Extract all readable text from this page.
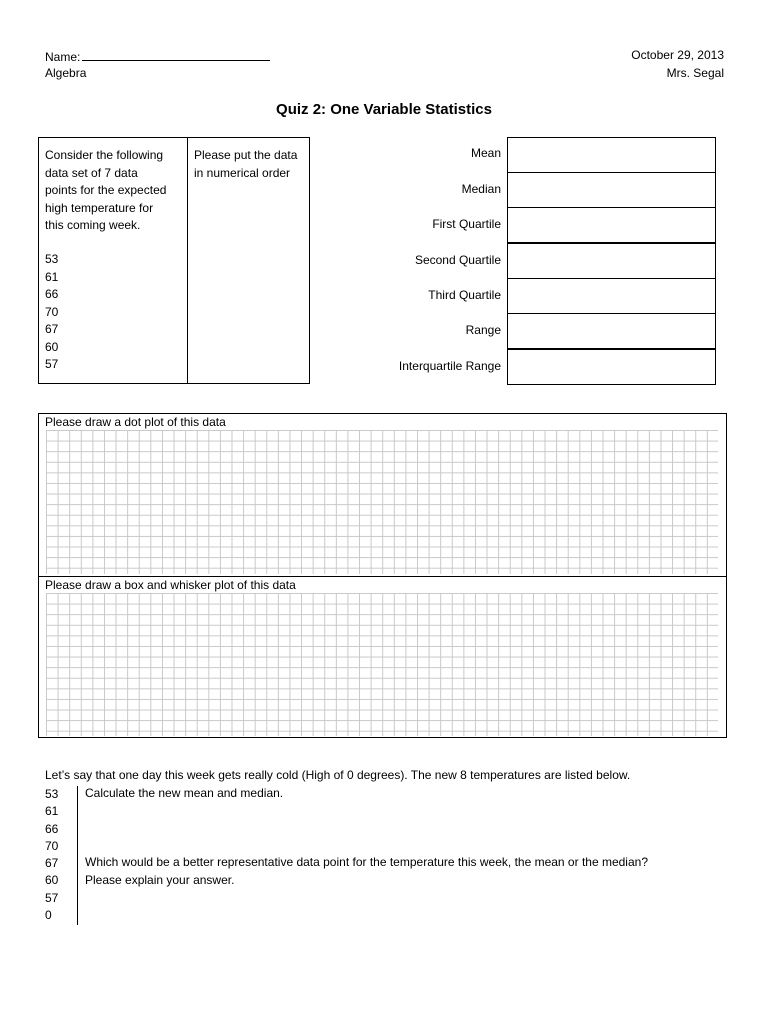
Name:
Algebra
October 29, 2013
Mrs. Segal
Quiz 2: One Variable Statistics
Consider the following
data set of 7 data
points for the expected
high temperature for
this coming week.
53
61
66
70
67
60
57
Please put the data
in numerical order
Mean
Median
First Quartile
Second Quartile
Third Quartile
Range
Interquartile Range
Please draw a dot plot of this data
Please draw a box and whisker plot of this data
Let’s say that one day this week gets really cold (High of 0 degrees). The new 8 temperatures are listed below.
53
61
66
70
67
60
57
0
Calculate the new mean and median.
Which would be a better representative data point for the temperature this week, the mean or the median?
Please explain your answer.
